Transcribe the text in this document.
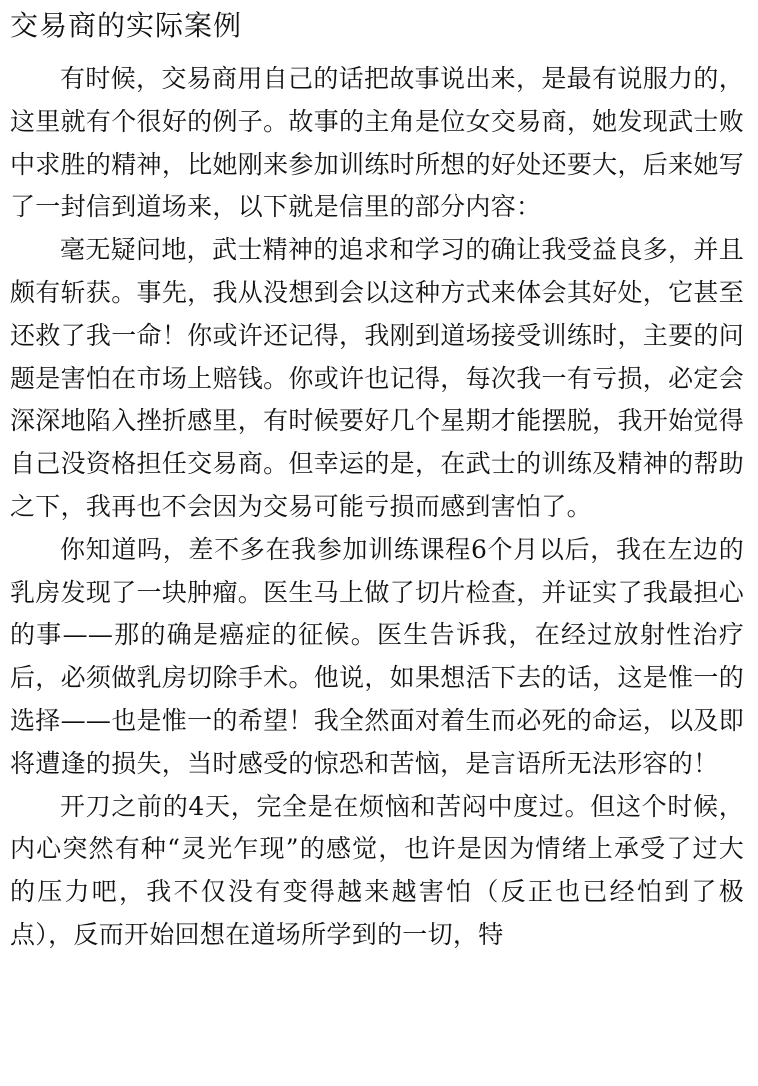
交易商的实际案例

有时候，交易商用自己的话把故事说出来，是最有说服力的，这里就有个很好的例子。故事的主角是位女交易商，她发现武士败中求胜的精神，比她刚来参加训练时所想的好处还要大，后来她写了一封信到道场来，以下就是信里的部分内容：

毫无疑问地，武士精神的追求和学习的确让我受益良多，并且颇有斩获。事先，我从没想到会以这种方式来体会其好处，它甚至还救了我一命！你或许还记得，我刚到道场接受训练时，主要的问题是害怕在市场上赔钱。你或许也记得，每次我一有亏损，必定会深深地陷入挫折感里，有时候要好几个星期才能摆脱，我开始觉得自己没资格担任交易商。但幸运的是，在武士的训练及精神的帮助之下，我再也不会因为交易可能亏损而感到害怕了。

你知道吗，差不多在我参加训练课程6个月以后，我在左边的乳房发现了一块肿瘤。医生马上做了切片检查，并证实了我最担心的事——那的确是癌症的征候。医生告诉我，在经过放射性治疗后，必须做乳房切除手术。他说，如果想活下去的话，这是惟一的选择——也是惟一的希望！我全然面对着生而必死的命运，以及即将遭逢的损失，当时感受的惊恐和苦恼，是言语所无法形容的！

开刀之前的4天，完全是在烦恼和苦闷中度过。但这个时候，内心突然有种“灵光乍现”的感觉，也许是因为情绪上承受了过大的压力吧，我不仅没有变得越来越害怕（反正也已经怕到了极点），反而开始回想在道场所学到的一切，特
